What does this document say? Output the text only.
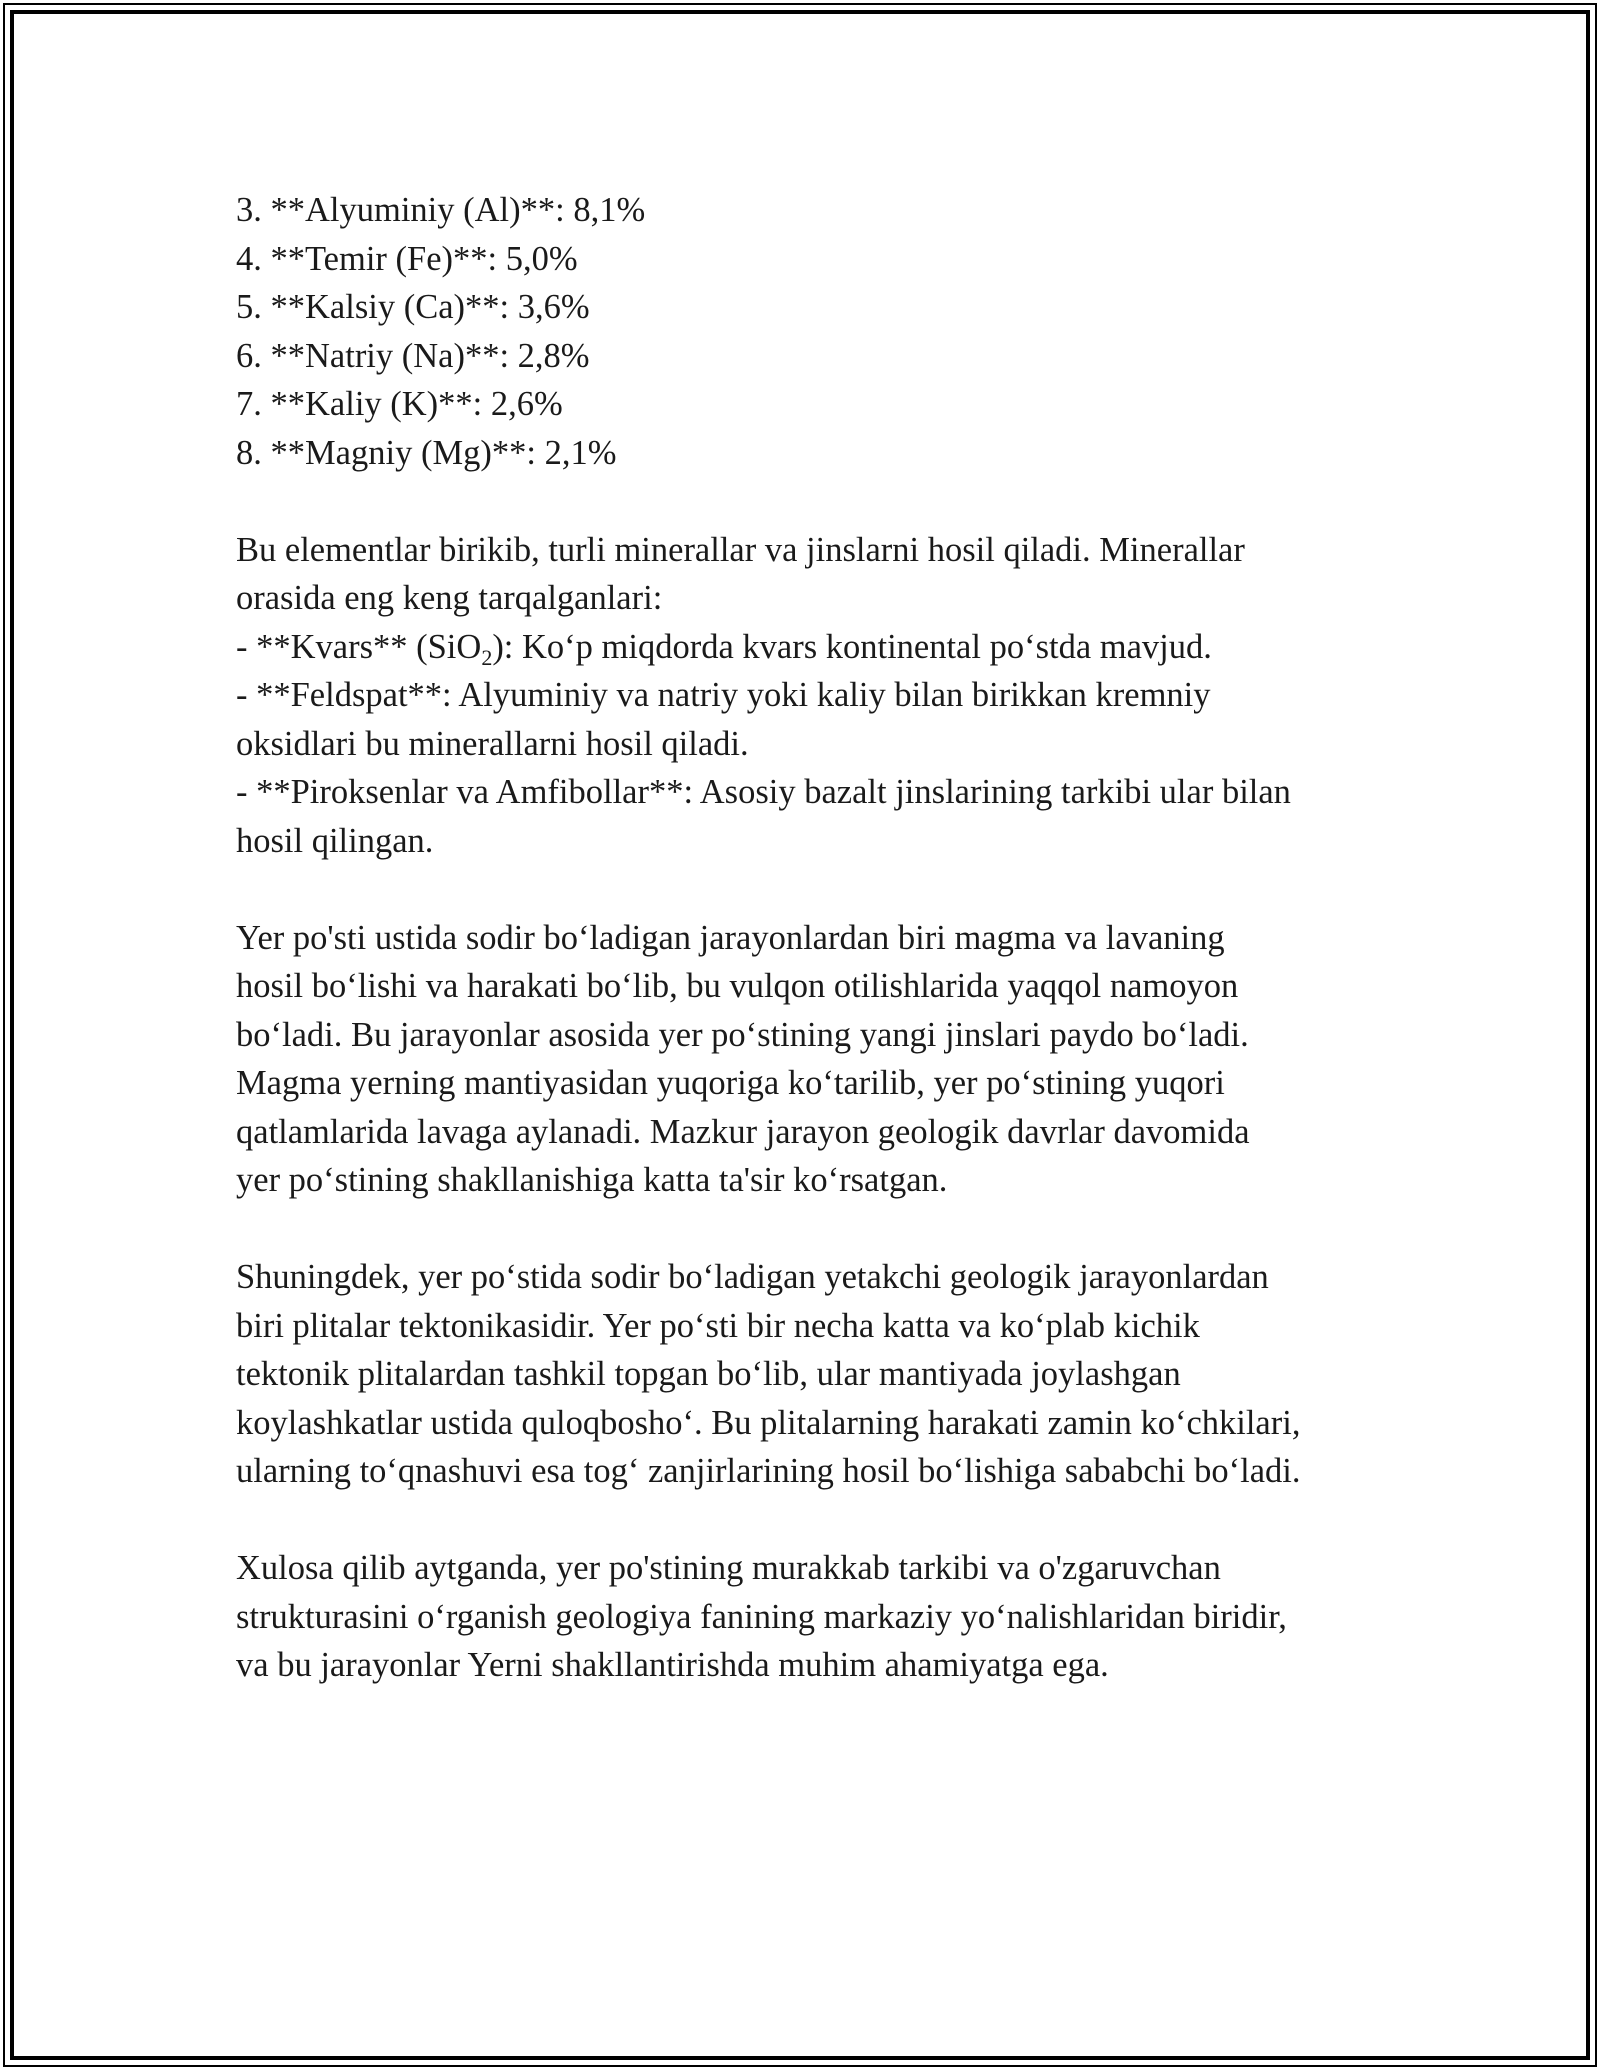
3. **Alyuminiy (Al)**: 8,1%
4. **Temir (Fe)**: 5,0%
5. **Kalsiy (Ca)**: 3,6%
6. **Natriy (Na)**: 2,8%
7. **Kaliy (K)**: 2,6%
8. **Magniy (Mg)**: 2,1%
Bu elementlar birikib, turli minerallar va jinslarni hosil qiladi. Minerallar
orasida eng keng tarqalganlari:
- **Kvars** (SiO$_2$): Koʻp miqdorda kvars kontinental poʻstda mavjud.
- **Feldspat**: Alyuminiy va natriy yoki kaliy bilan birikkan kremniy
oksidlari bu minerallarni hosil qiladi.
- **Piroksenlar va Amfibollar**: Asosiy bazalt jinslarining tarkibi ular bilan
hosil qilingan.
Yer po'sti ustida sodir boʻladigan jarayonlardan biri magma va lavaning
hosil boʻlishi va harakati boʻlib, bu vulqon otilishlarida yaqqol namoyon
boʻladi. Bu jarayonlar asosida yer poʻstining yangi jinslari paydo boʻladi.
Magma yerning mantiyasidan yuqoriga koʻtarilib, yer poʻstining yuqori
qatlamlarida lavaga aylanadi. Mazkur jarayon geologik davrlar davomida
yer poʻstining shakllanishiga katta ta'sir koʻrsatgan.
Shuningdek, yer poʻstida sodir boʻladigan yetakchi geologik jarayonlardan
biri plitalar tektonikasidir. Yer poʻsti bir necha katta va koʻplab kichik
tektonik plitalardan tashkil topgan boʻlib, ular mantiyada joylashgan
koylashkatlar ustida quloqboshoʻ. Bu plitalarning harakati zamin koʻchkilari,
ularning toʻqnashuvi esa togʻ zanjirlarining hosil boʻlishiga sababchi boʻladi.
Xulosa qilib aytganda, yer po'stining murakkab tarkibi va o'zgaruvchan
strukturasini oʻrganish geologiya fanining markaziy yoʻnalishlaridan biridir,
va bu jarayonlar Yerni shakllantirishda muhim ahamiyatga ega.
